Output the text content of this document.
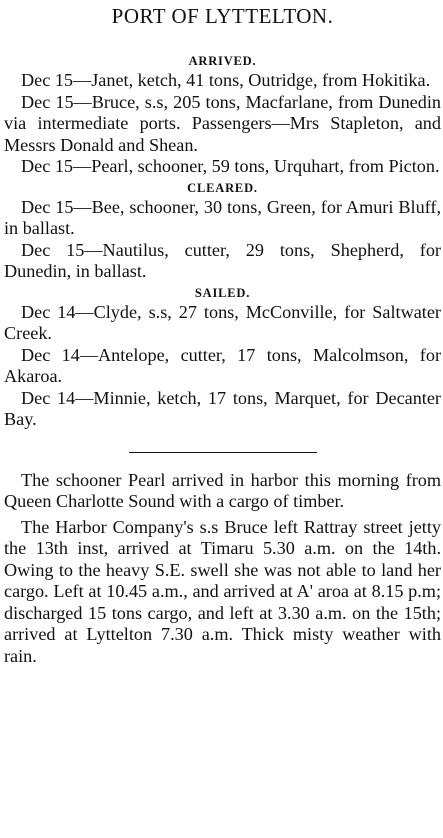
PORT OF LYTTELTON.
ARRIVED.

Dec 15—Janet, ketch, 41 tons, Outridge, from Hokitika.

Dec 15—Bruce, s.s, 205 tons, Macfarlane, from Dunedin via intermediate ports. Passengers—Mrs Stapleton, and Messrs Donald and Shean.

Dec 15—Pearl, schooner, 59 tons, Urquhart, from Picton.

CLEARED.

Dec 15—Bee, schooner, 30 tons, Green, for Amuri Bluff, in ballast.

Dec 15—Nautilus, cutter, 29 tons, Shepherd, for Dunedin, in ballast.

SAILED.

Dec 14—Clyde, s.s, 27 tons, McConville, for Saltwater Creek.

Dec 14—Antelope, cutter, 17 tons, Malcolmson, for Akaroa.

Dec 14—Minnie, ketch, 17 tons, Marquet, for Decanter Bay.

The schooner Pearl arrived in harbor this morning from Queen Charlotte Sound with a cargo of timber.

The Harbor Company's s.s Bruce left Rattray street jetty the 13th inst, arrived at Timaru 5.30 a.m. on the 14th. Owing to the heavy S.E. swell she was not able to land her cargo. Left at 10.45 a.m., and arrived at A' aroa at 8.15 p.m; discharged 15 tons cargo, and left at 3.30 a.m. on the 15th; arrived at Lyttelton 7.30 a.m. Thick misty weather with rain.
